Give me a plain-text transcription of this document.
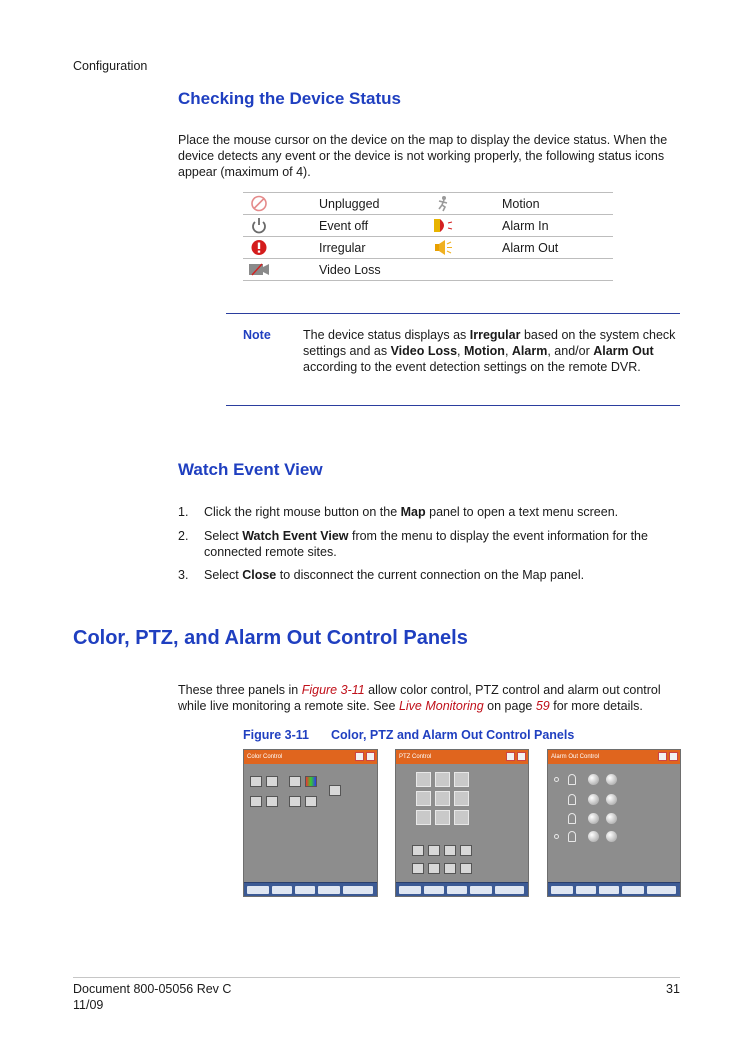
Configuration
Checking the Device Status
Place the mouse cursor on the device on the map to display the device status. When the device detects any event or the device is not working properly, the following status icons appear (maximum of 4).
Unplugged	Motion
Event off	Alarm In
Irregular	Alarm Out
Video Loss
Note	The device status displays as Irregular based on the system check settings and as Video Loss, Motion, Alarm, and/or Alarm Out according to the event detection settings on the remote DVR.
Watch Event View
1. Click the right mouse button on the Map panel to open a text menu screen.
2. Select Watch Event View from the menu to display the event information for the connected remote sites.
3. Select Close to disconnect the current connection on the Map panel.
Color, PTZ, and Alarm Out Control Panels
These three panels in Figure 3-11 allow color control, PTZ control and alarm out control while live monitoring a remote site. See Live Monitoring on page 59 for more details.
Figure 3-11 Color, PTZ and Alarm Out Control Panels
Color Control	PTZ Control	Alarm Out Control
Document 800-05056 Rev C
11/09
31
